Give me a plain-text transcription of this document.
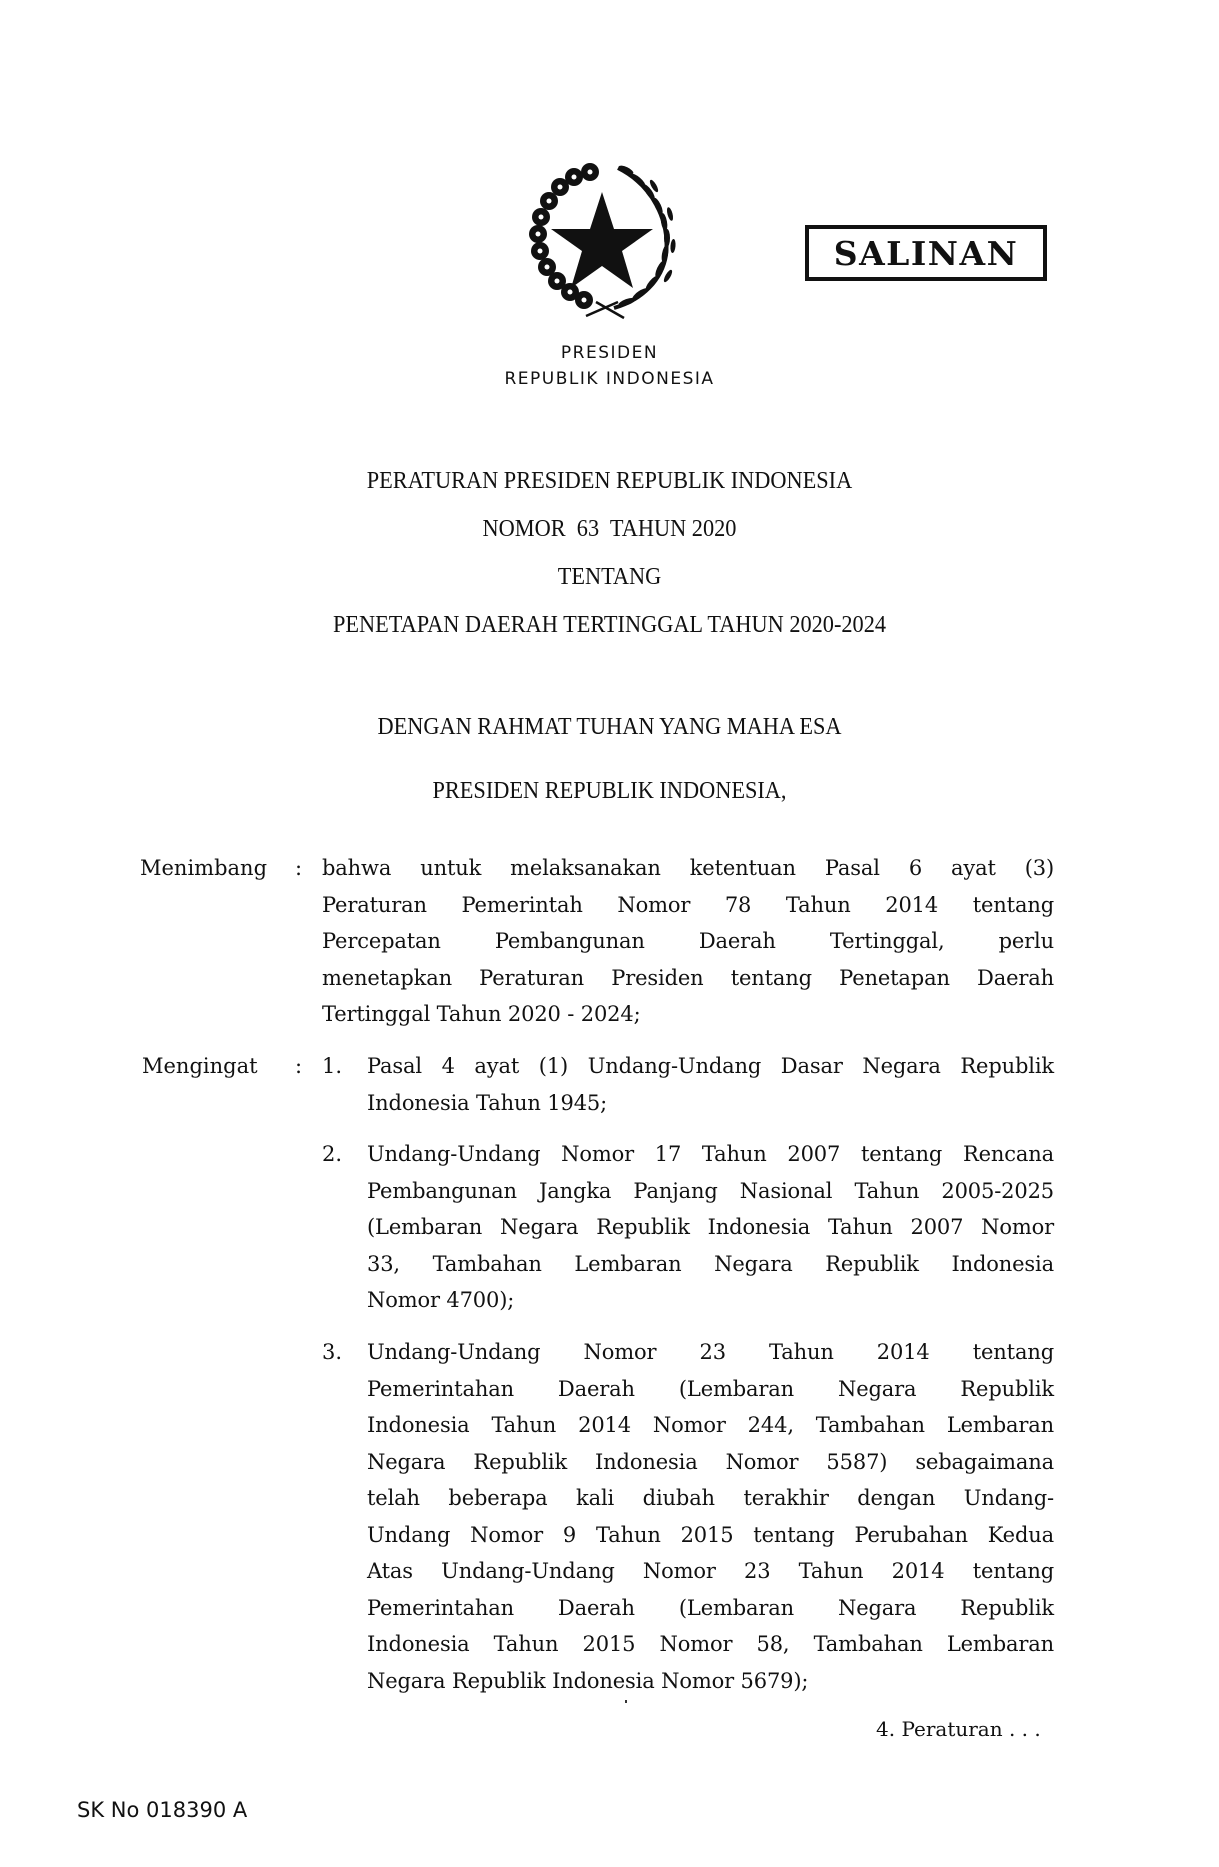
SALINAN
PRESIDEN
REPUBLIK INDONESIA
PERATURAN PRESIDEN REPUBLIK INDONESIA
NOMOR  63  TAHUN 2020
TENTANG
PENETAPAN DAERAH TERTINGGAL TAHUN 2020-2024
DENGAN RAHMAT TUHAN YANG MAHA ESA
PRESIDEN REPUBLIK INDONESIA,
Menimbang : bahwa untuk melaksanakan ketentuan Pasal 6 ayat (3)
Peraturan Pemerintah Nomor 78 Tahun 2014 tentang
Percepatan Pembangunan Daerah Tertinggal, perlu
menetapkan Peraturan Presiden tentang Penetapan Daerah
Tertinggal Tahun 2020 - 2024;
Mengingat : 1. Pasal 4 ayat (1) Undang-Undang Dasar Negara Republik
Indonesia Tahun 1945;
2. Undang-Undang Nomor 17 Tahun 2007 tentang Rencana
Pembangunan Jangka Panjang Nasional Tahun 2005-2025
(Lembaran Negara Republik Indonesia Tahun 2007 Nomor
33, Tambahan Lembaran Negara Republik Indonesia
Nomor 4700);
3. Undang-Undang Nomor 23 Tahun 2014 tentang
Pemerintahan Daerah (Lembaran Negara Republik
Indonesia Tahun 2014 Nomor 244, Tambahan Lembaran
Negara Republik Indonesia Nomor 5587) sebagaimana
telah beberapa kali diubah terakhir dengan Undang-
Undang Nomor 9 Tahun 2015 tentang Perubahan Kedua
Atas Undang-Undang Nomor 23 Tahun 2014 tentang
Pemerintahan Daerah (Lembaran Negara Republik
Indonesia Tahun 2015 Nomor 58, Tambahan Lembaran
Negara Republik Indonesia Nomor 5679);
4. Peraturan . . .
SK No 018390 A
